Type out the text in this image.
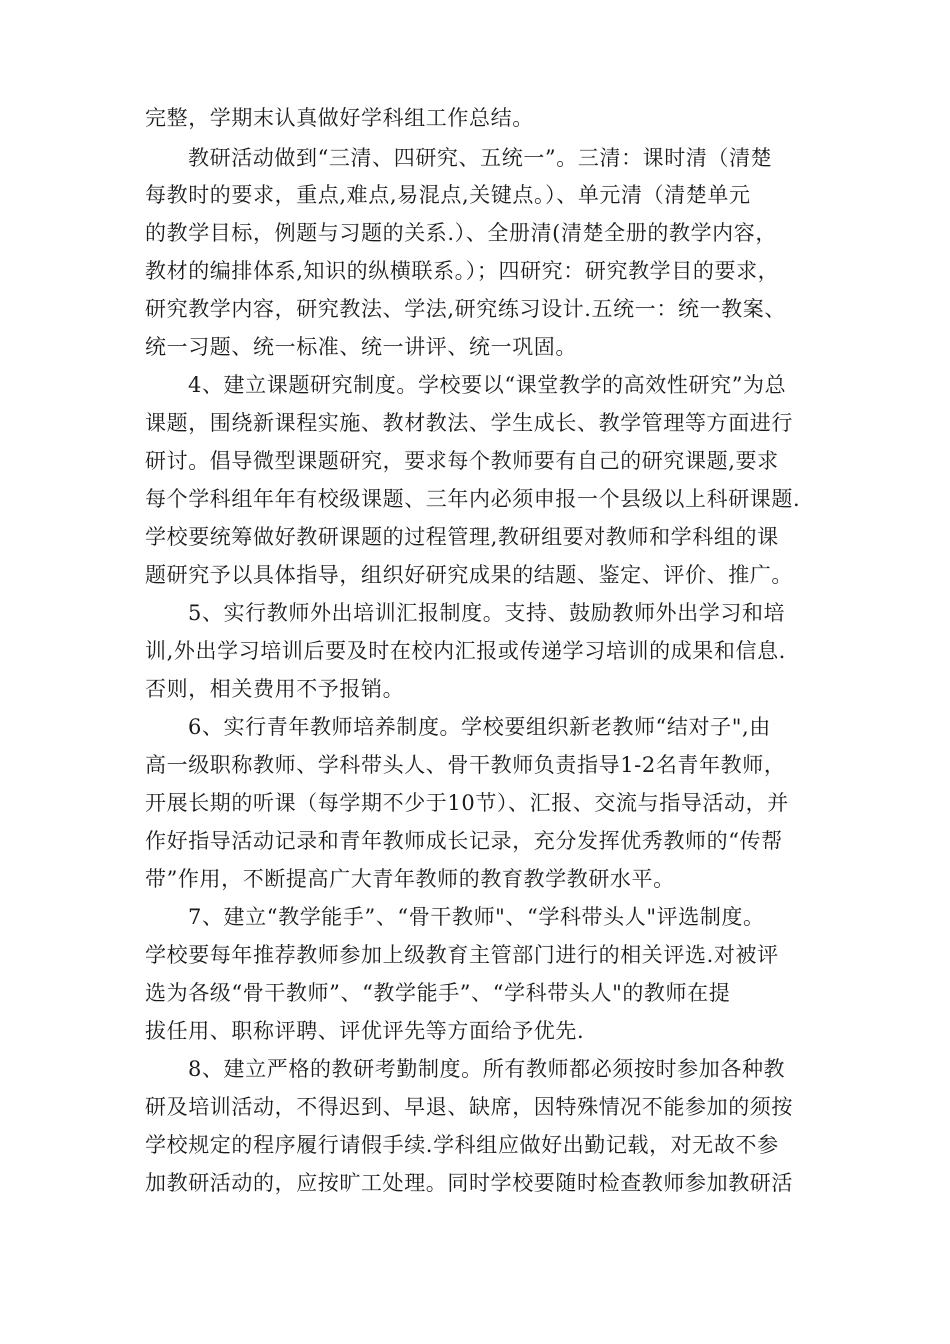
完整，学期末认真做好学科组工作总结。
教研活动做到“三清、四研究、五统一”。三清：课时清（清楚
每教时的要求，重点,难点,易混点,关键点。）、单元清（清楚单元
的教学目标，例题与习题的关系.）、全册清(清楚全册的教学内容，
教材的编排体系,知识的纵横联系。）；四研究：研究教学目的要求，
研究教学内容，研究教法、学法,研究练习设计.五统一：统一教案、
统一习题、统一标准、统一讲评、统一巩固。
4、建立课题研究制度。学校要以“课堂教学的高效性研究”为总
课题，围绕新课程实施、教材教法、学生成长、教学管理等方面进行
研讨。倡导微型课题研究，要求每个教师要有自己的研究课题,要求
每个学科组年年有校级课题、三年内必须申报一个县级以上科研课题.
学校要统筹做好教研课题的过程管理,教研组要对教师和学科组的课
题研究予以具体指导，组织好研究成果的结题、鉴定、评价、推广。
5、实行教师外出培训汇报制度。支持、鼓励教师外出学习和培
训,外出学习培训后要及时在校内汇报或传递学习培训的成果和信息.
否则，相关费用不予报销。
6、实行青年教师培养制度。学校要组织新老教师“结对子",由
高一级职称教师、学科带头人、骨干教师负责指导1-2名青年教师，
开展长期的听课（每学期不少于10节）、汇报、交流与指导活动，并
作好指导活动记录和青年教师成长记录，充分发挥优秀教师的“传帮
带”作用，不断提高广大青年教师的教育教学教研水平。
7、建立“教学能手”、“骨干教师"、“学科带头人"评选制度。
学校要每年推荐教师参加上级教育主管部门进行的相关评选.对被评
选为各级“骨干教师”、“教学能手”、“学科带头人"的教师在提
拔任用、职称评聘、评优评先等方面给予优先.
8、建立严格的教研考勤制度。所有教师都必须按时参加各种教
研及培训活动，不得迟到、早退、缺席，因特殊情况不能参加的须按
学校规定的程序履行请假手续.学科组应做好出勤记载，对无故不参
加教研活动的，应按旷工处理。同时学校要随时检查教师参加教研活
